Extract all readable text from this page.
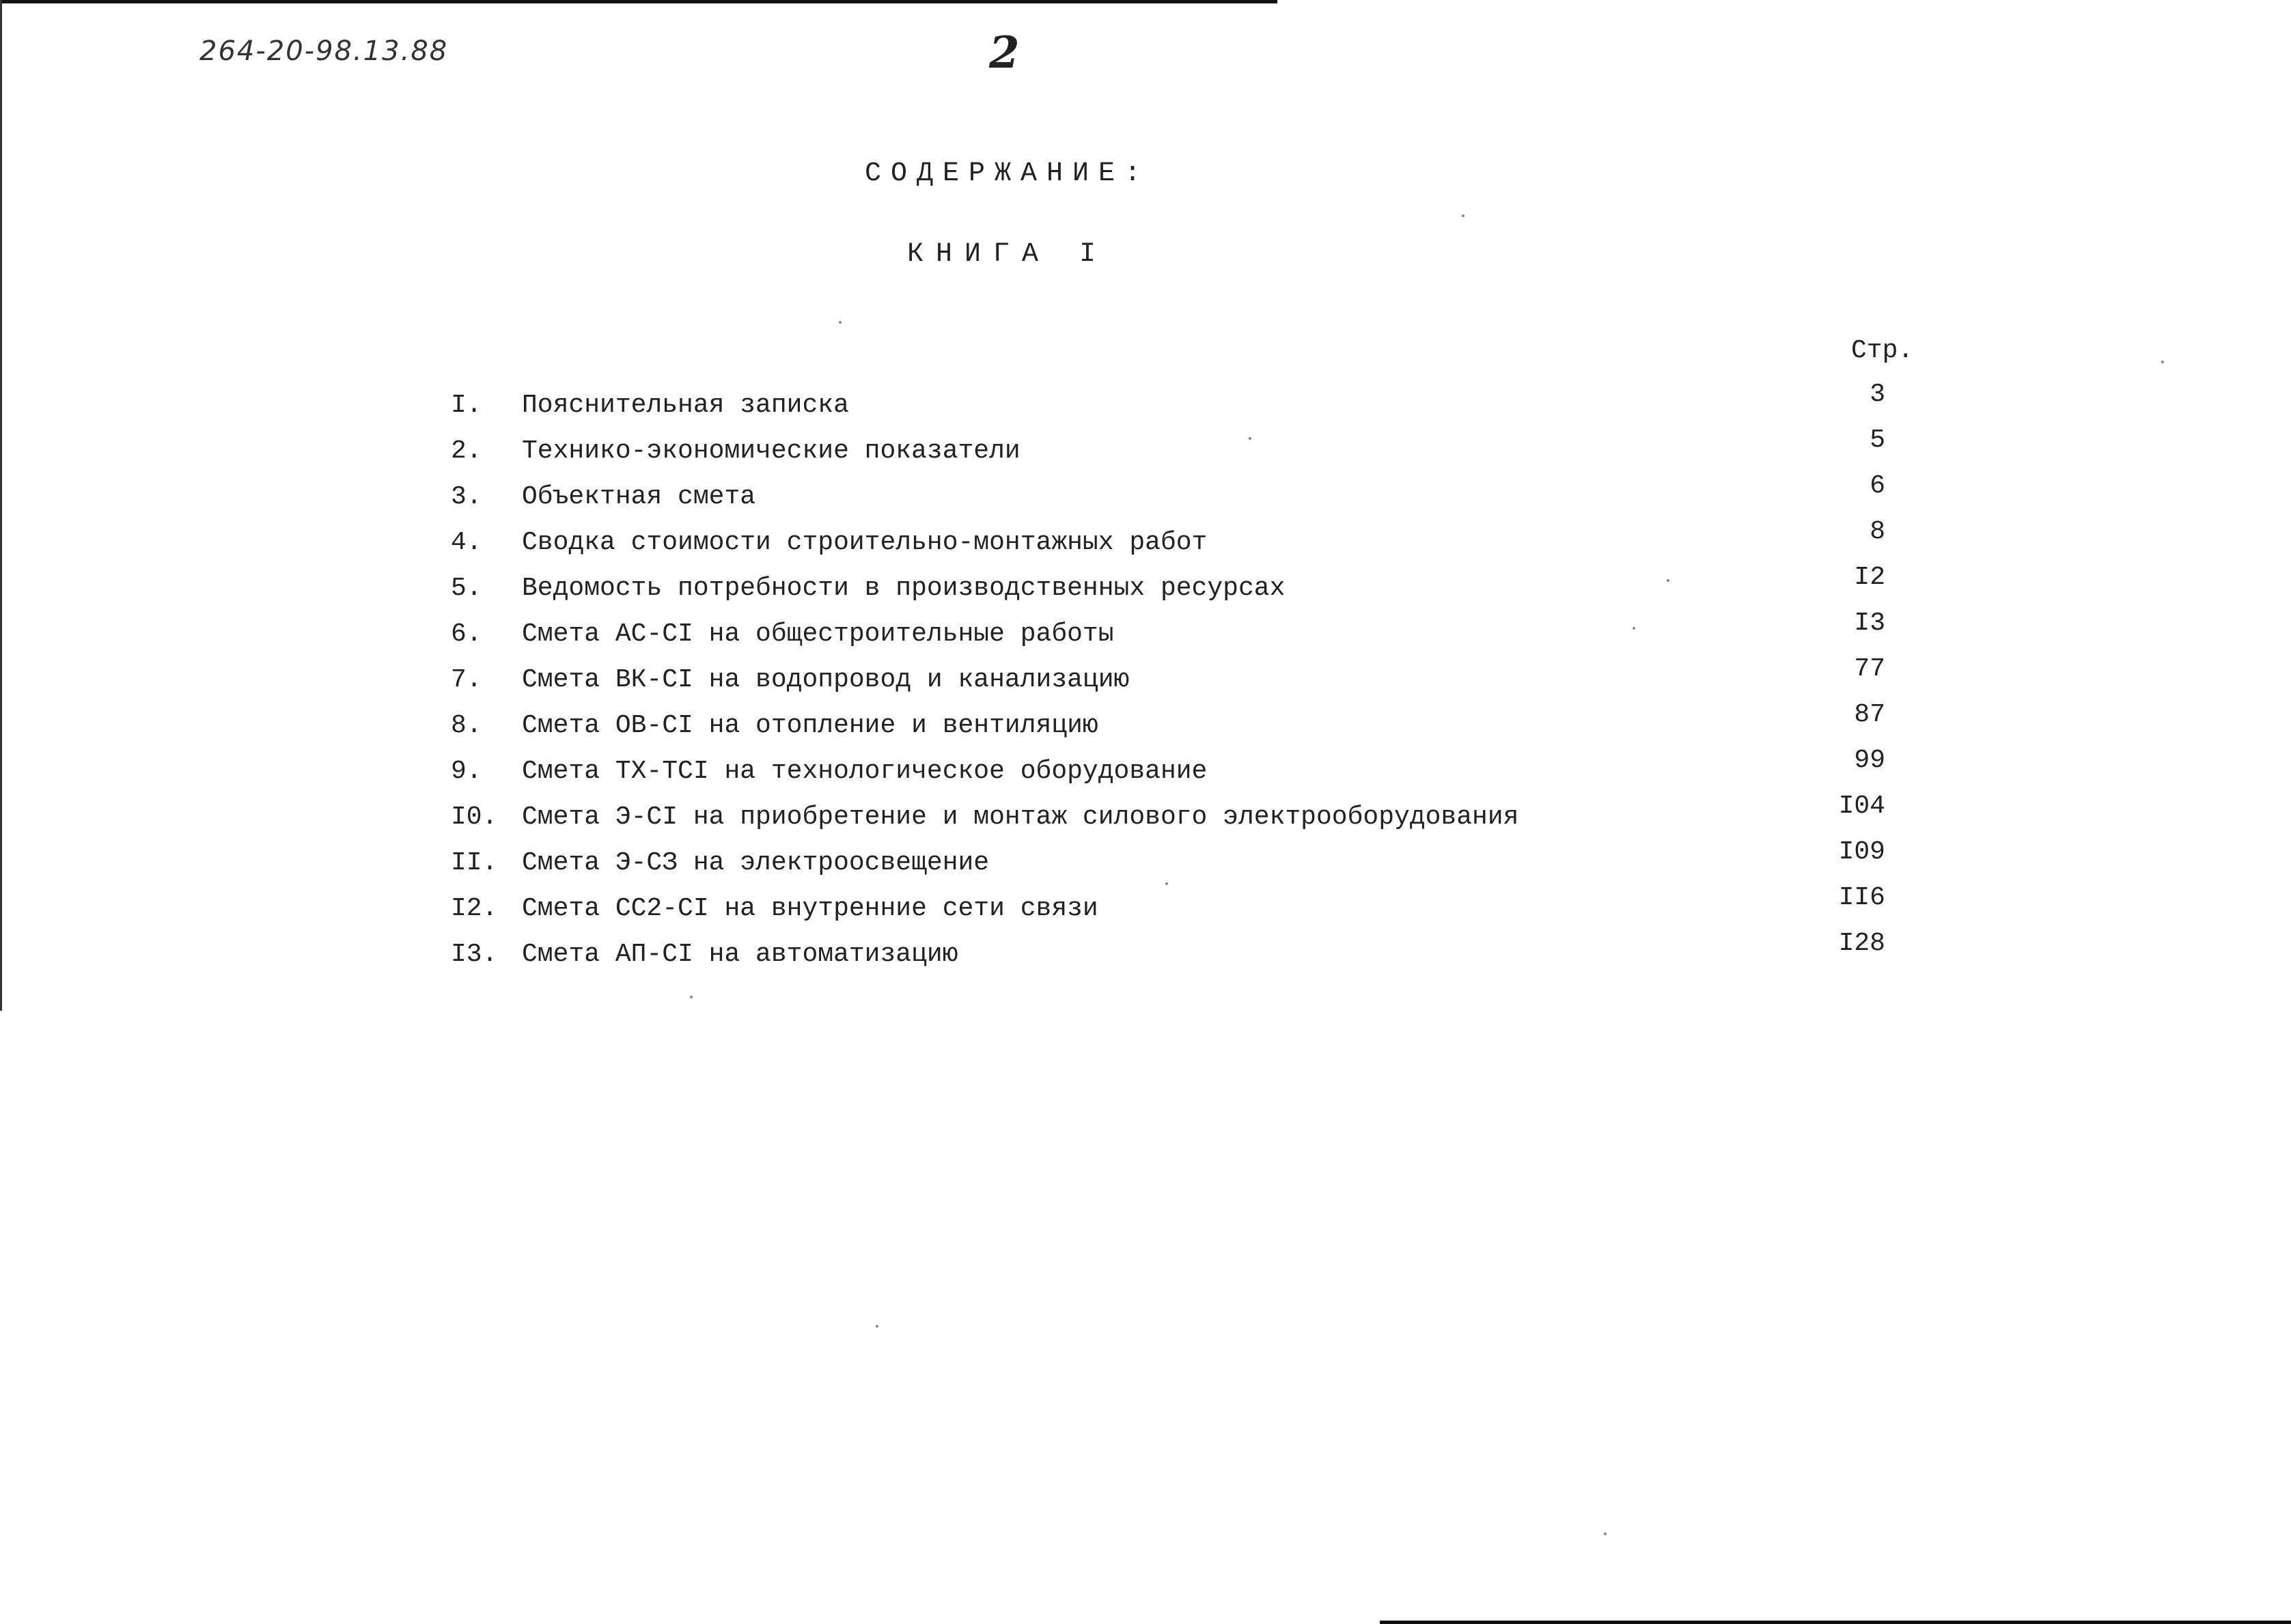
264-20-98.13.88	2
СОДЕРЖАНИЕ:
КНИГА I
Стр.
I.	Пояснительная записка	3
2.	Технико-экономические показатели	5
3.	Объектная смета	6
4.	Сводка стоимости строительно-монтажных работ	8
5.	Ведомость потребности в производственных ресурсах	I2
6.	Смета АС-СI на общестроительные работы	I3
7.	Смета ВК-СI на водопровод и канализацию	77
8.	Смета ОВ-СI на отопление и вентиляцию	87
9.	Смета ТХ-ТСI на технологическое оборудование	99
I0. Смета Э-СI на приобретение и монтаж силового электрооборудования	I04
II. Смета Э-СЗ на электроосвещение	I09
I2. Смета СС2-СI на внутренние сети связи	II6
I3. Смета АП-СI на автоматизацию	I28
